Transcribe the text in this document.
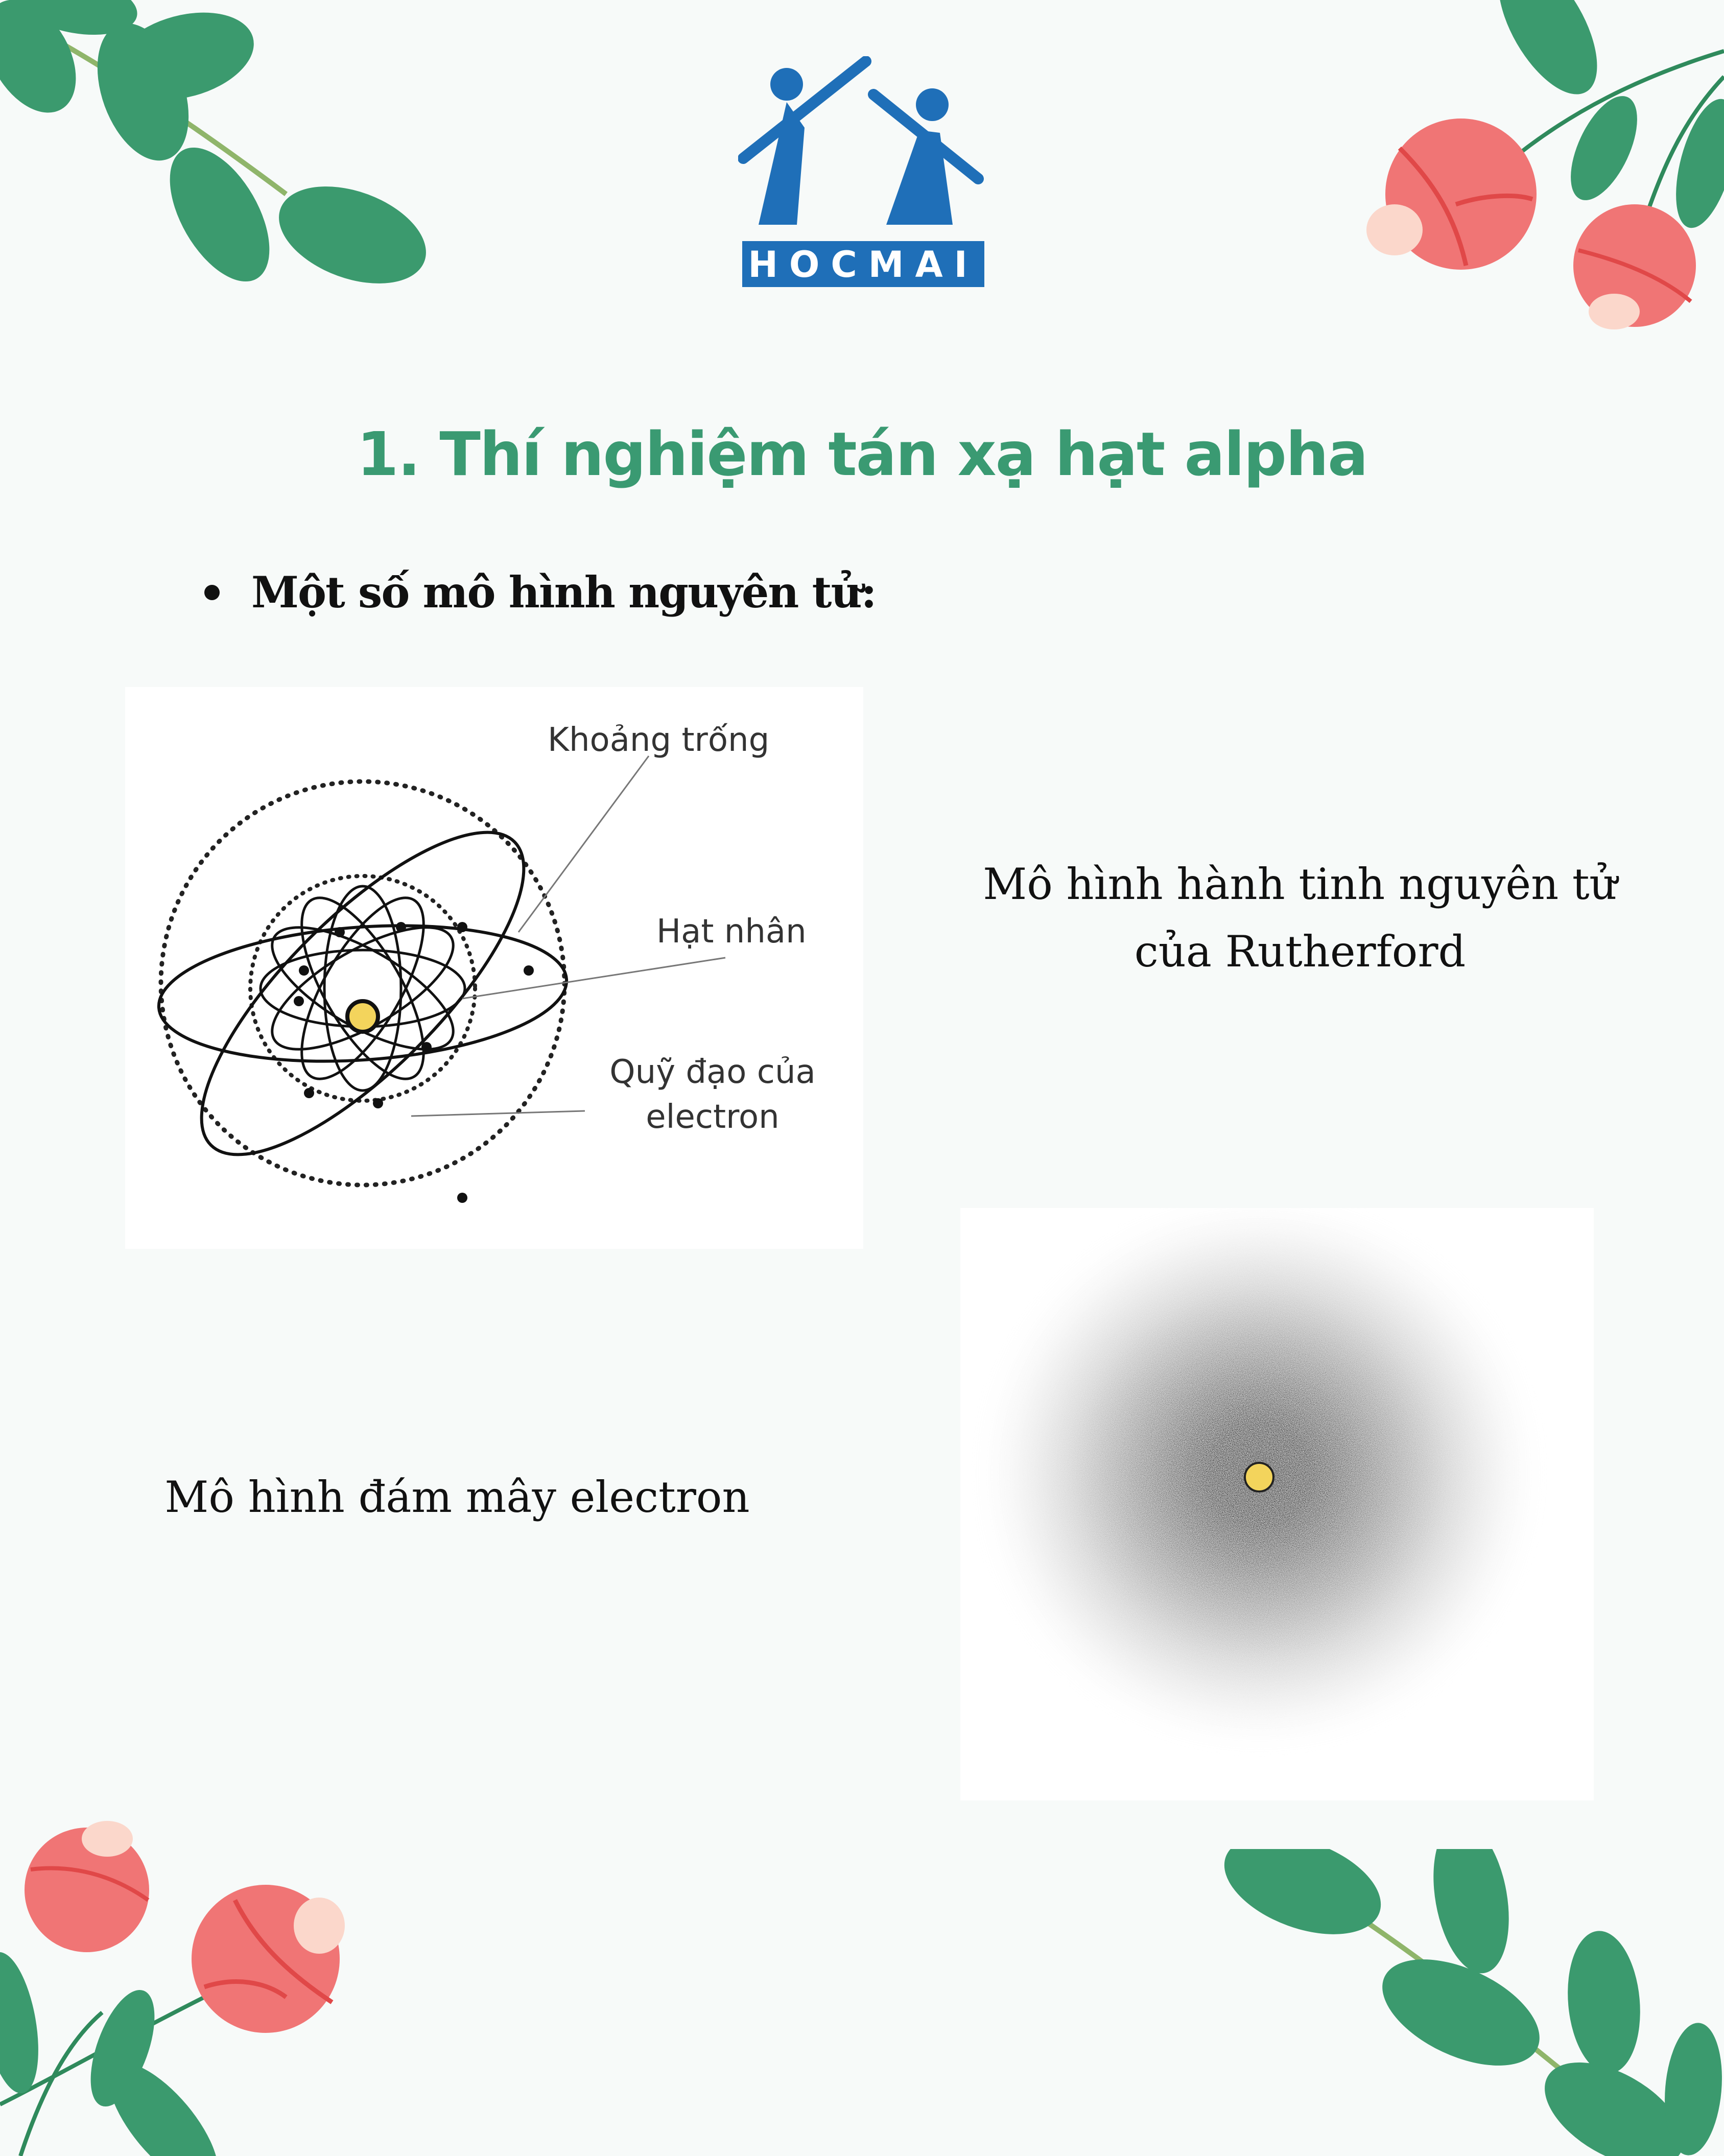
HOCMAI
1. Thí nghiệm tán xạ hạt alpha
Một số mô hình nguyên tử:
Khoảng trống
Hạt nhân
Quỹ đạo của
electron
Mô hình hành tinh nguyên tử
của Rutherford
Mô hình đám mây electron
